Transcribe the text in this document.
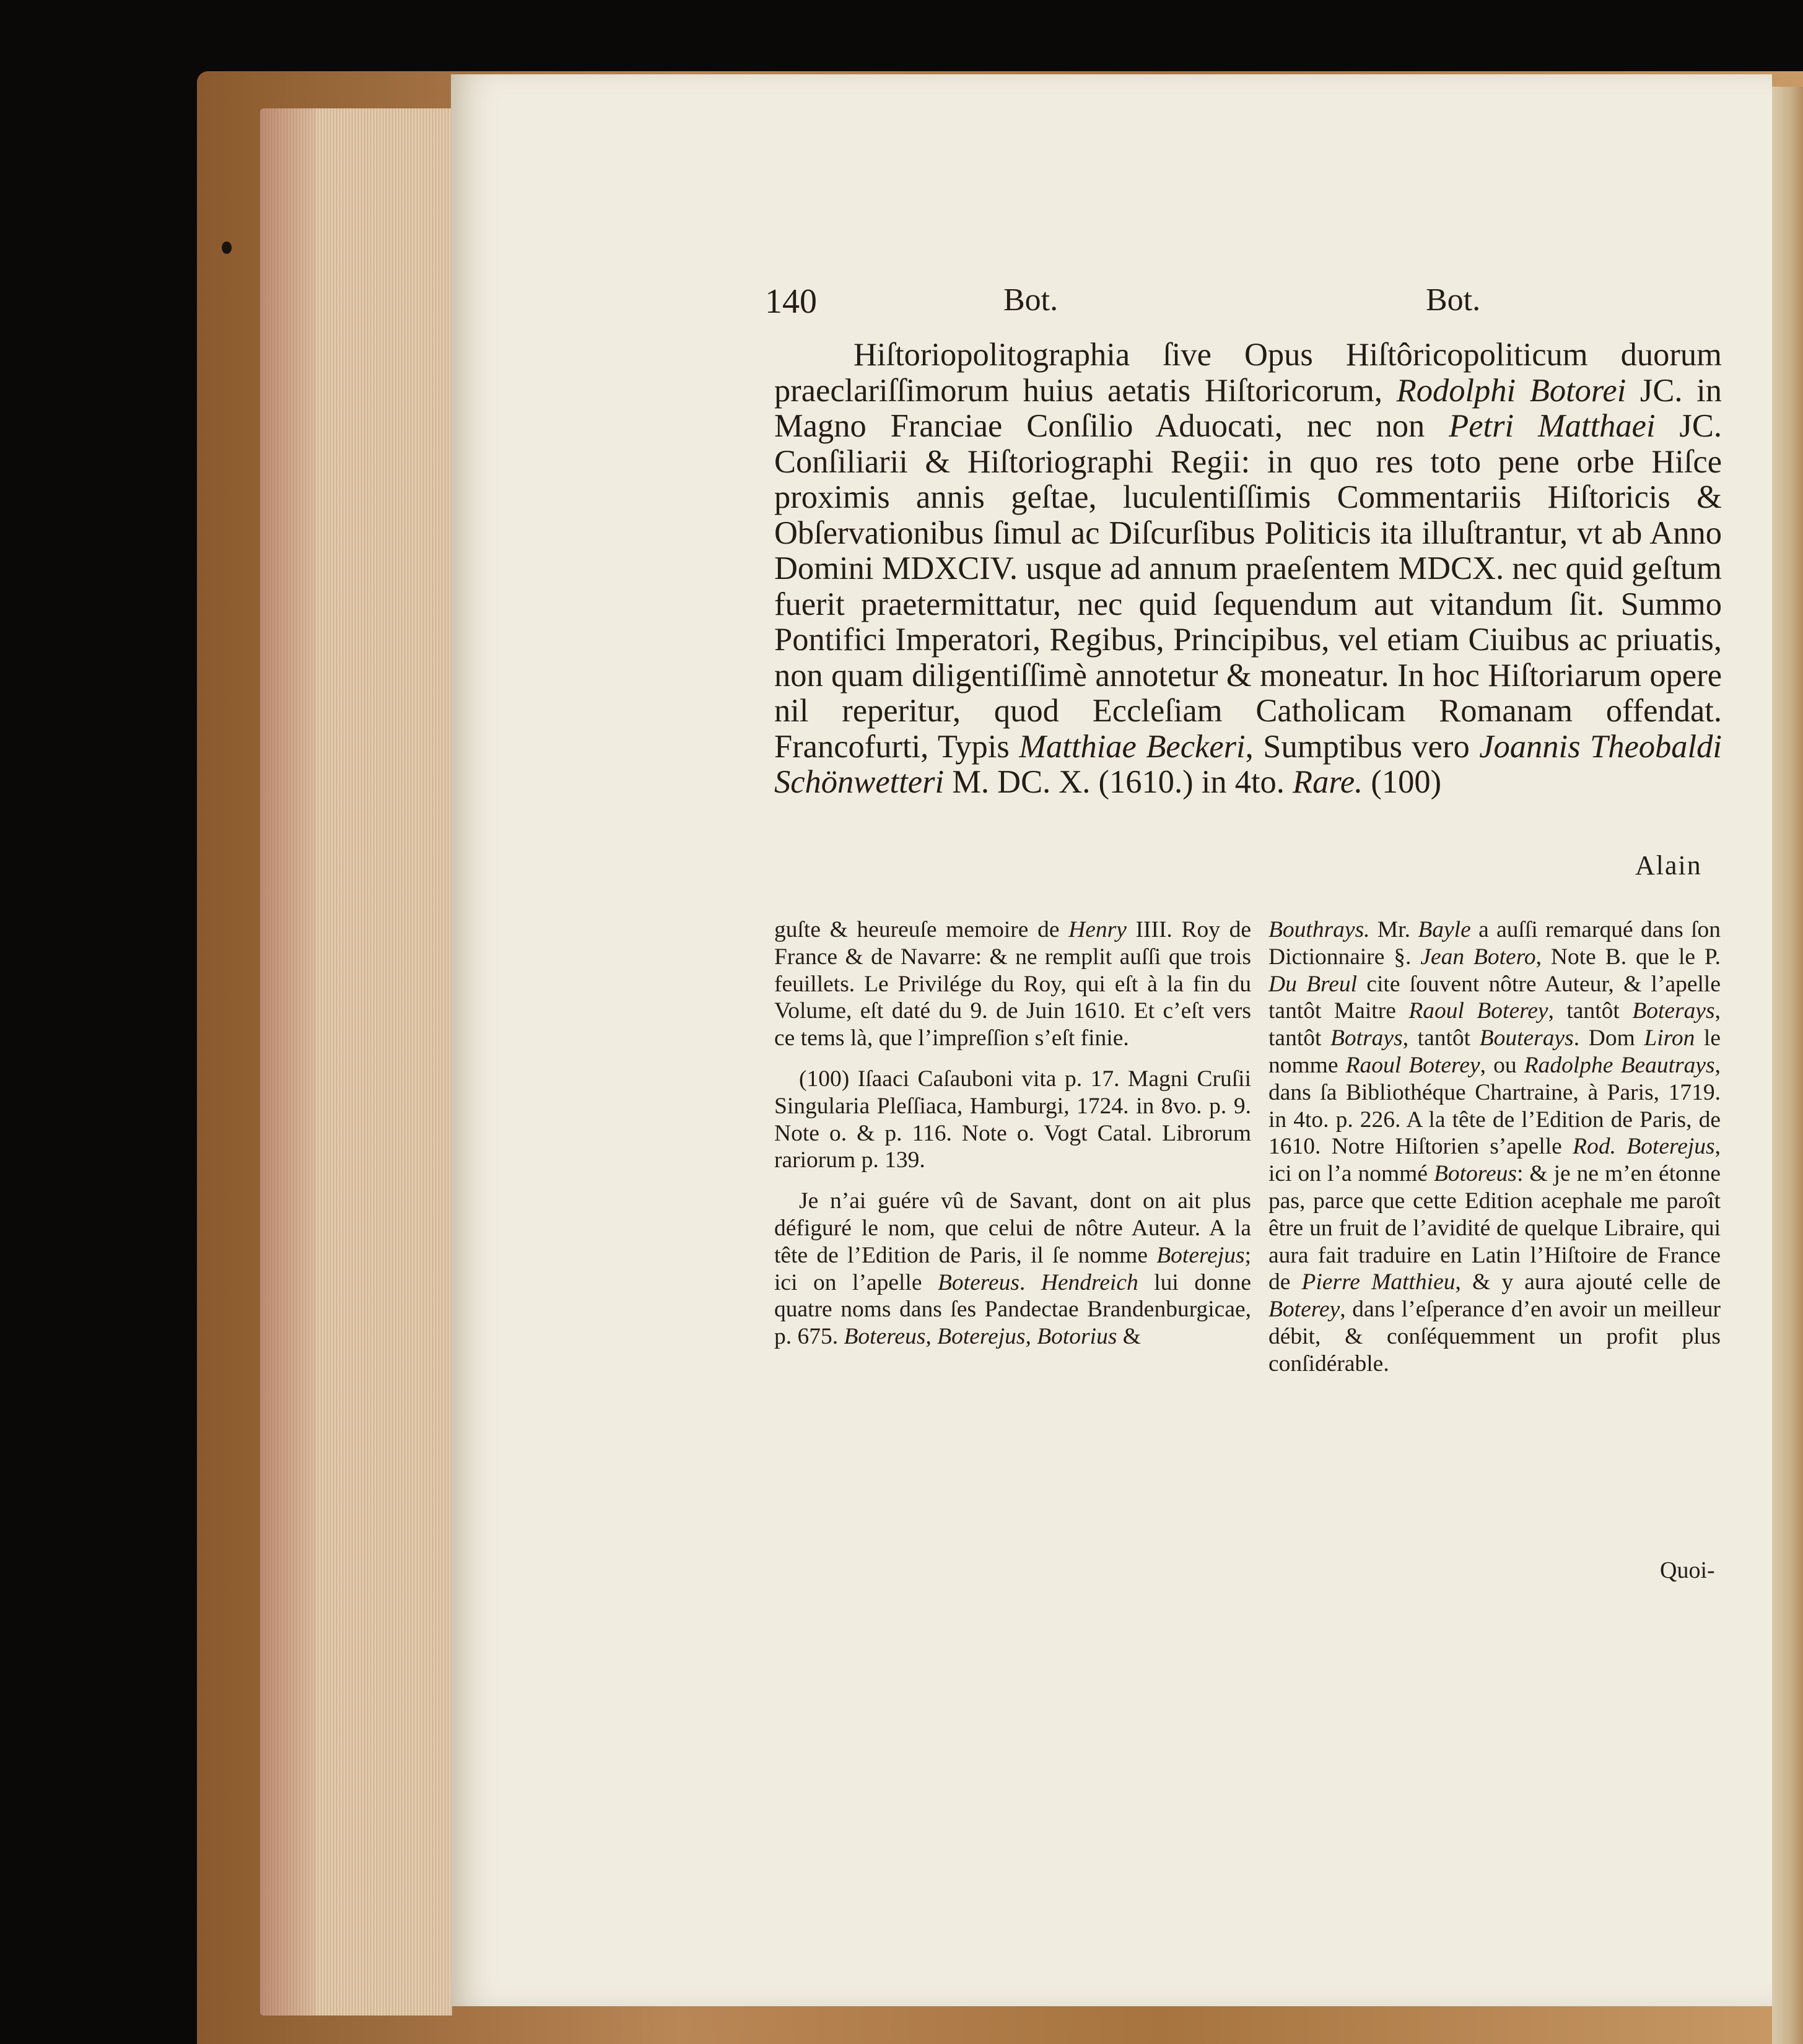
140	Bot.	Bot.
Hiſtoriopolitographia ſive Opus Hiſtôricopoliticum duorum praeclariſſimorum huius aetatis Hiſtoricorum, Rodolphi Botorei JC. in Magno Franciae Conſilio Aduocati, nec non Petri Matthaei JC. Conſiliarii & Hiſtoriographi Regii: in quo res toto pene orbe Hiſce proximis annis geſtae, luculentiſſimis Commentariis Hiſtoricis & Obſervationibus ſimul ac Diſcurſibus Politicis ita illuſtrantur, vt ab Anno Domini MDXCIV. usque ad annum praeſentem MDCX. nec quid geſtum fuerit praetermittatur, nec quid ſequendum aut vitandum ſit. Summo Pontifici Imperatori, Regibus, Principibus, vel etiam Ciuibus ac priuatis, non quam diligentiſſimè annotetur & moneatur. In hoc Hiſtoriarum opere nil reperitur, quod Eccleſiam Catholicam Romanam offendat. Francofurti, Typis Matthiae Beckeri, Sumptibus vero Joannis Theobaldi Schönwetteri M. DC. X. (1610.) in 4to. Rare. (100)
Alain

guſte & heureuſe memoire de Henry IIII. Roy de France & de Navarre: & ne remplit auſſi que trois feuillets. Le Privilége du Roy, qui eſt à la fin du Volume, eſt daté du 9. de Juin 1610. Et c’eſt vers ce tems là, que l’impreſſion s’eſt finie.

(100) Iſaaci Caſauboni vita p. 17. Magni Cruſii Singularia Pleſſiaca, Hamburgi, 1724. in 8vo. p. 9. Note o. & p. 116. Note o. Vogt Catal. Librorum rariorum p. 139.

Je n’ai guére vû de Savant, dont on ait plus défiguré le nom, que celui de nôtre Auteur. A la tête de l’Edition de Paris, il ſe nomme Boterejus; ici on l’apelle Botereus. Hendreich lui donne quatre noms dans ſes Pandectae Brandenburgicae, p. 675. Botereus, Boterejus, Botorius &

Bouthrays. Mr. Bayle a auſſi remarqué dans ſon Dictionnaire §. Jean Botero, Note B. que le P. Du Breul cite ſouvent nôtre Auteur, & l’apelle tantôt Maitre Raoul Boterey, tantôt Boterays, tantôt Botrays, tantôt Bouterays. Dom Liron le nomme Raoul Boterey, ou Radolphe Beautrays, dans ſa Bibliothéque Chartraine, à Paris, 1719. in 4to. p. 226. A la tête de l’Edition de Paris, de 1610. Notre Hiſtorien s’apelle Rod. Boterejus, ici on l’a nommé Botoreus: & je ne m’en étonne pas, parce que cette Edition acephale me paroît être un fruit de l’avidité de quelque Libraire, qui aura fait traduire en Latin l’Hiſtoire de France de Pierre Matthieu, & y aura ajouté celle de Boterey, dans l’eſperance d’en avoir un meilleur débit, & conſéquemment un profit plus conſidérable.

Quoi-
